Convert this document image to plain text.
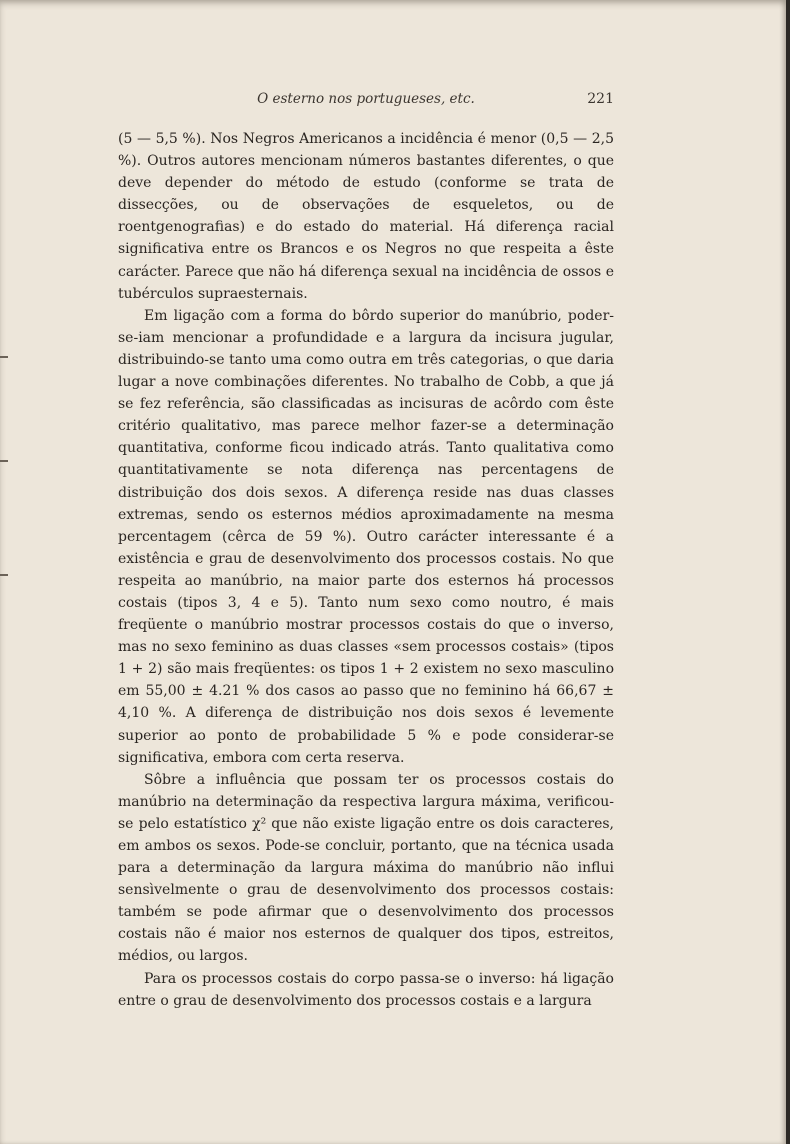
O esterno nos portugueses, etc.	221

(5 — 5,5 %). Nos Negros Americanos a incidência é menor (0,5 — 2,5 %). Outros autores mencionam números bastantes diferentes, o que deve depender do método de estudo (conforme se trata de dissecções, ou de observações de esqueletos, ou de roentgenografias) e do estado do material. Há diferença racial significativa entre os Brancos e os Negros no que respeita a êste carácter. Parece que não há diferença sexual na incidência de ossos e tubérculos supraesternais.

Em ligação com a forma do bôrdo superior do manúbrio, poder-se-iam mencionar a profundidade e a largura da incisura jugular, distribuindo-se tanto uma como outra em três categorias, o que daria lugar a nove combinações diferentes. No trabalho de Cobb, a que já se fez referência, são classificadas as incisuras de acôrdo com êste critério qualitativo, mas parece melhor fazer-se a determinação quantitativa, conforme ficou indicado atrás. Tanto qualitativa como quantitativamente se nota diferença nas percentagens de distribuição dos dois sexos. A diferença reside nas duas classes extremas, sendo os esternos médios aproximadamente na mesma percentagem (cêrca de 59 %). Outro carácter interessante é a existência e grau de desenvolvimento dos processos costais. No que respeita ao manúbrio, na maior parte dos esternos há processos costais (tipos 3, 4 e 5). Tanto num sexo como noutro, é mais freqüente o manúbrio mostrar processos costais do que o inverso, mas no sexo feminino as duas classes «sem processos costais» (tipos 1 + 2) são mais freqüentes: os tipos 1 + 2 existem no sexo masculino em 55,00 ± 4.21 % dos casos ao passo que no feminino há 66,67 ± 4,10 %. A diferença de distribuição nos dois sexos é levemente superior ao ponto de probabilidade 5 % e pode considerar-se significativa, embora com certa reserva.

Sôbre a influência que possam ter os processos costais do manúbrio na determinação da respectiva largura máxima, verificou-se pelo estatístico χ² que não existe ligação entre os dois caracteres, em ambos os sexos. Pode-se concluir, portanto, que na técnica usada para a determinação da largura máxima do manúbrio não influi sensìvelmente o grau de desenvolvimento dos processos costais: também se pode afirmar que o desenvolvimento dos processos costais não é maior nos esternos de qualquer dos tipos, estreitos, médios, ou largos.

Para os processos costais do corpo passa-se o inverso: há ligação entre o grau de desenvolvimento dos processos costais e a largura
